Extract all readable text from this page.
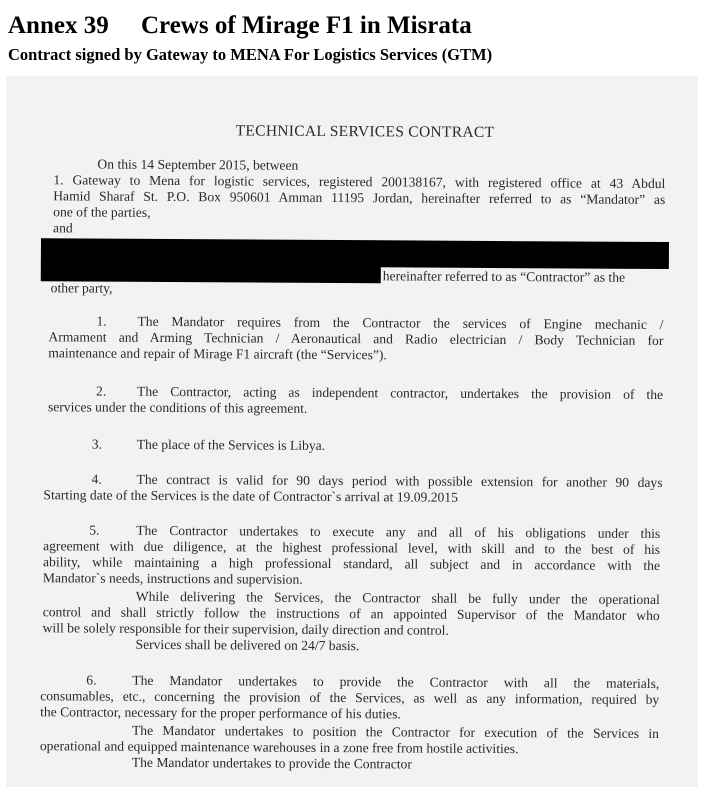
Annex 39 Crews of Mirage F1 in Misrata
Contract signed by Gateway to MENA For Logistics Services (GTM)
TECHNICAL SERVICES CONTRACT
On this 14 September 2015, between
1. Gateway to Mena for logistic services, registered 200138167, with registered office at 43 Abdul
Hamid Sharaf St. P.O. Box 950601 Amman 11195 Jordan, hereinafter referred to as “Mandator” as
one of the parties,
and
hereinafter referred to as “Contractor” as the
other party,
1. The Mandator requires from the Contractor the services of Engine mechanic /
Armament and Arming Technician / Aeronautical and Radio electrician / Body Technician for
maintenance and repair of Mirage F1 aircraft (the “Services”).
2. The Contractor, acting as independent contractor, undertakes the provision of the
services under the conditions of this agreement.
3.	The place of the Services is Libya.
4.	The contract is valid for 90 days period with possible extension for another 90 days
Starting date of the Services is the date of Contractor`s arrival at 19.09.2015
5.	The Contractor undertakes to execute any and all of his obligations under this
agreement with due diligence, at the highest professional level, with skill and to the best of his
ability, while maintaining a high professional standard, all subject and in accordance with the
Mandator`s needs, instructions and supervision.
While delivering the Services, the Contractor shall be fully under the operational
control and shall strictly follow the instructions of an appointed Supervisor of the Mandator who
will be solely responsible for their supervision, daily direction and control.
Services shall be delivered on 24/7 basis.
6.	The Mandator undertakes to provide the Contractor with all the materials,
consumables, etc., concerning the provision of the Services, as well as any information, required by
the Contractor, necessary for the proper performance of his duties.
The Mandator undertakes to position the Contractor for execution of the Services in
operational and equipped maintenance warehouses in a zone free from hostile activities.
The Mandator undertakes to provide the Contractor
